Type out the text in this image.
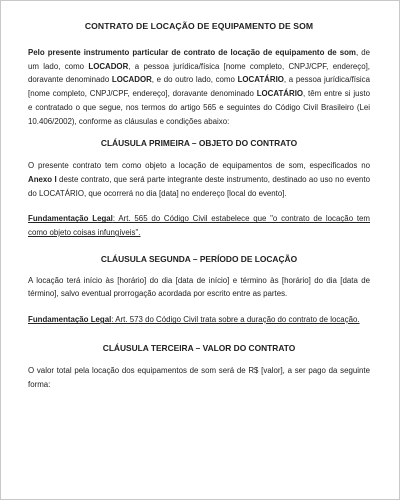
CONTRATO DE LOCAÇÃO DE EQUIPAMENTO DE SOM

Pelo presente instrumento particular de contrato de locação de equipamento de som, de um lado, como LOCADOR, a pessoa jurídica/física [nome completo, CNPJ/CPF, endereço], doravante denominado LOCADOR, e do outro lado, como LOCATÁRIO, a pessoa jurídica/física [nome completo, CNPJ/CPF, endereço], doravante denominado LOCATÁRIO, têm entre si justo e contratado o que segue, nos termos do artigo 565 e seguintes do Código Civil Brasileiro (Lei 10.406/2002), conforme as cláusulas e condições abaixo:

CLÁUSULA PRIMEIRA – OBJETO DO CONTRATO

O presente contrato tem como objeto a locação de equipamentos de som, especificados no Anexo I deste contrato, que será parte integrante deste instrumento, destinado ao uso no evento do LOCATÁRIO, que ocorrerá no dia [data] no endereço [local do evento].

Fundamentação Legal: Art. 565 do Código Civil estabelece que "o contrato de locação tem como objeto coisas infungíveis".

CLÁUSULA SEGUNDA – PERÍODO DE LOCAÇÃO

A locação terá início às [horário] do dia [data de início] e término às [horário] do dia [data de término], salvo eventual prorrogação acordada por escrito entre as partes.

Fundamentação Legal: Art. 573 do Código Civil trata sobre a duração do contrato de locação.

CLÁUSULA TERCEIRA – VALOR DO CONTRATO

O valor total pela locação dos equipamentos de som será de R$ [valor], a ser pago da seguinte forma:
